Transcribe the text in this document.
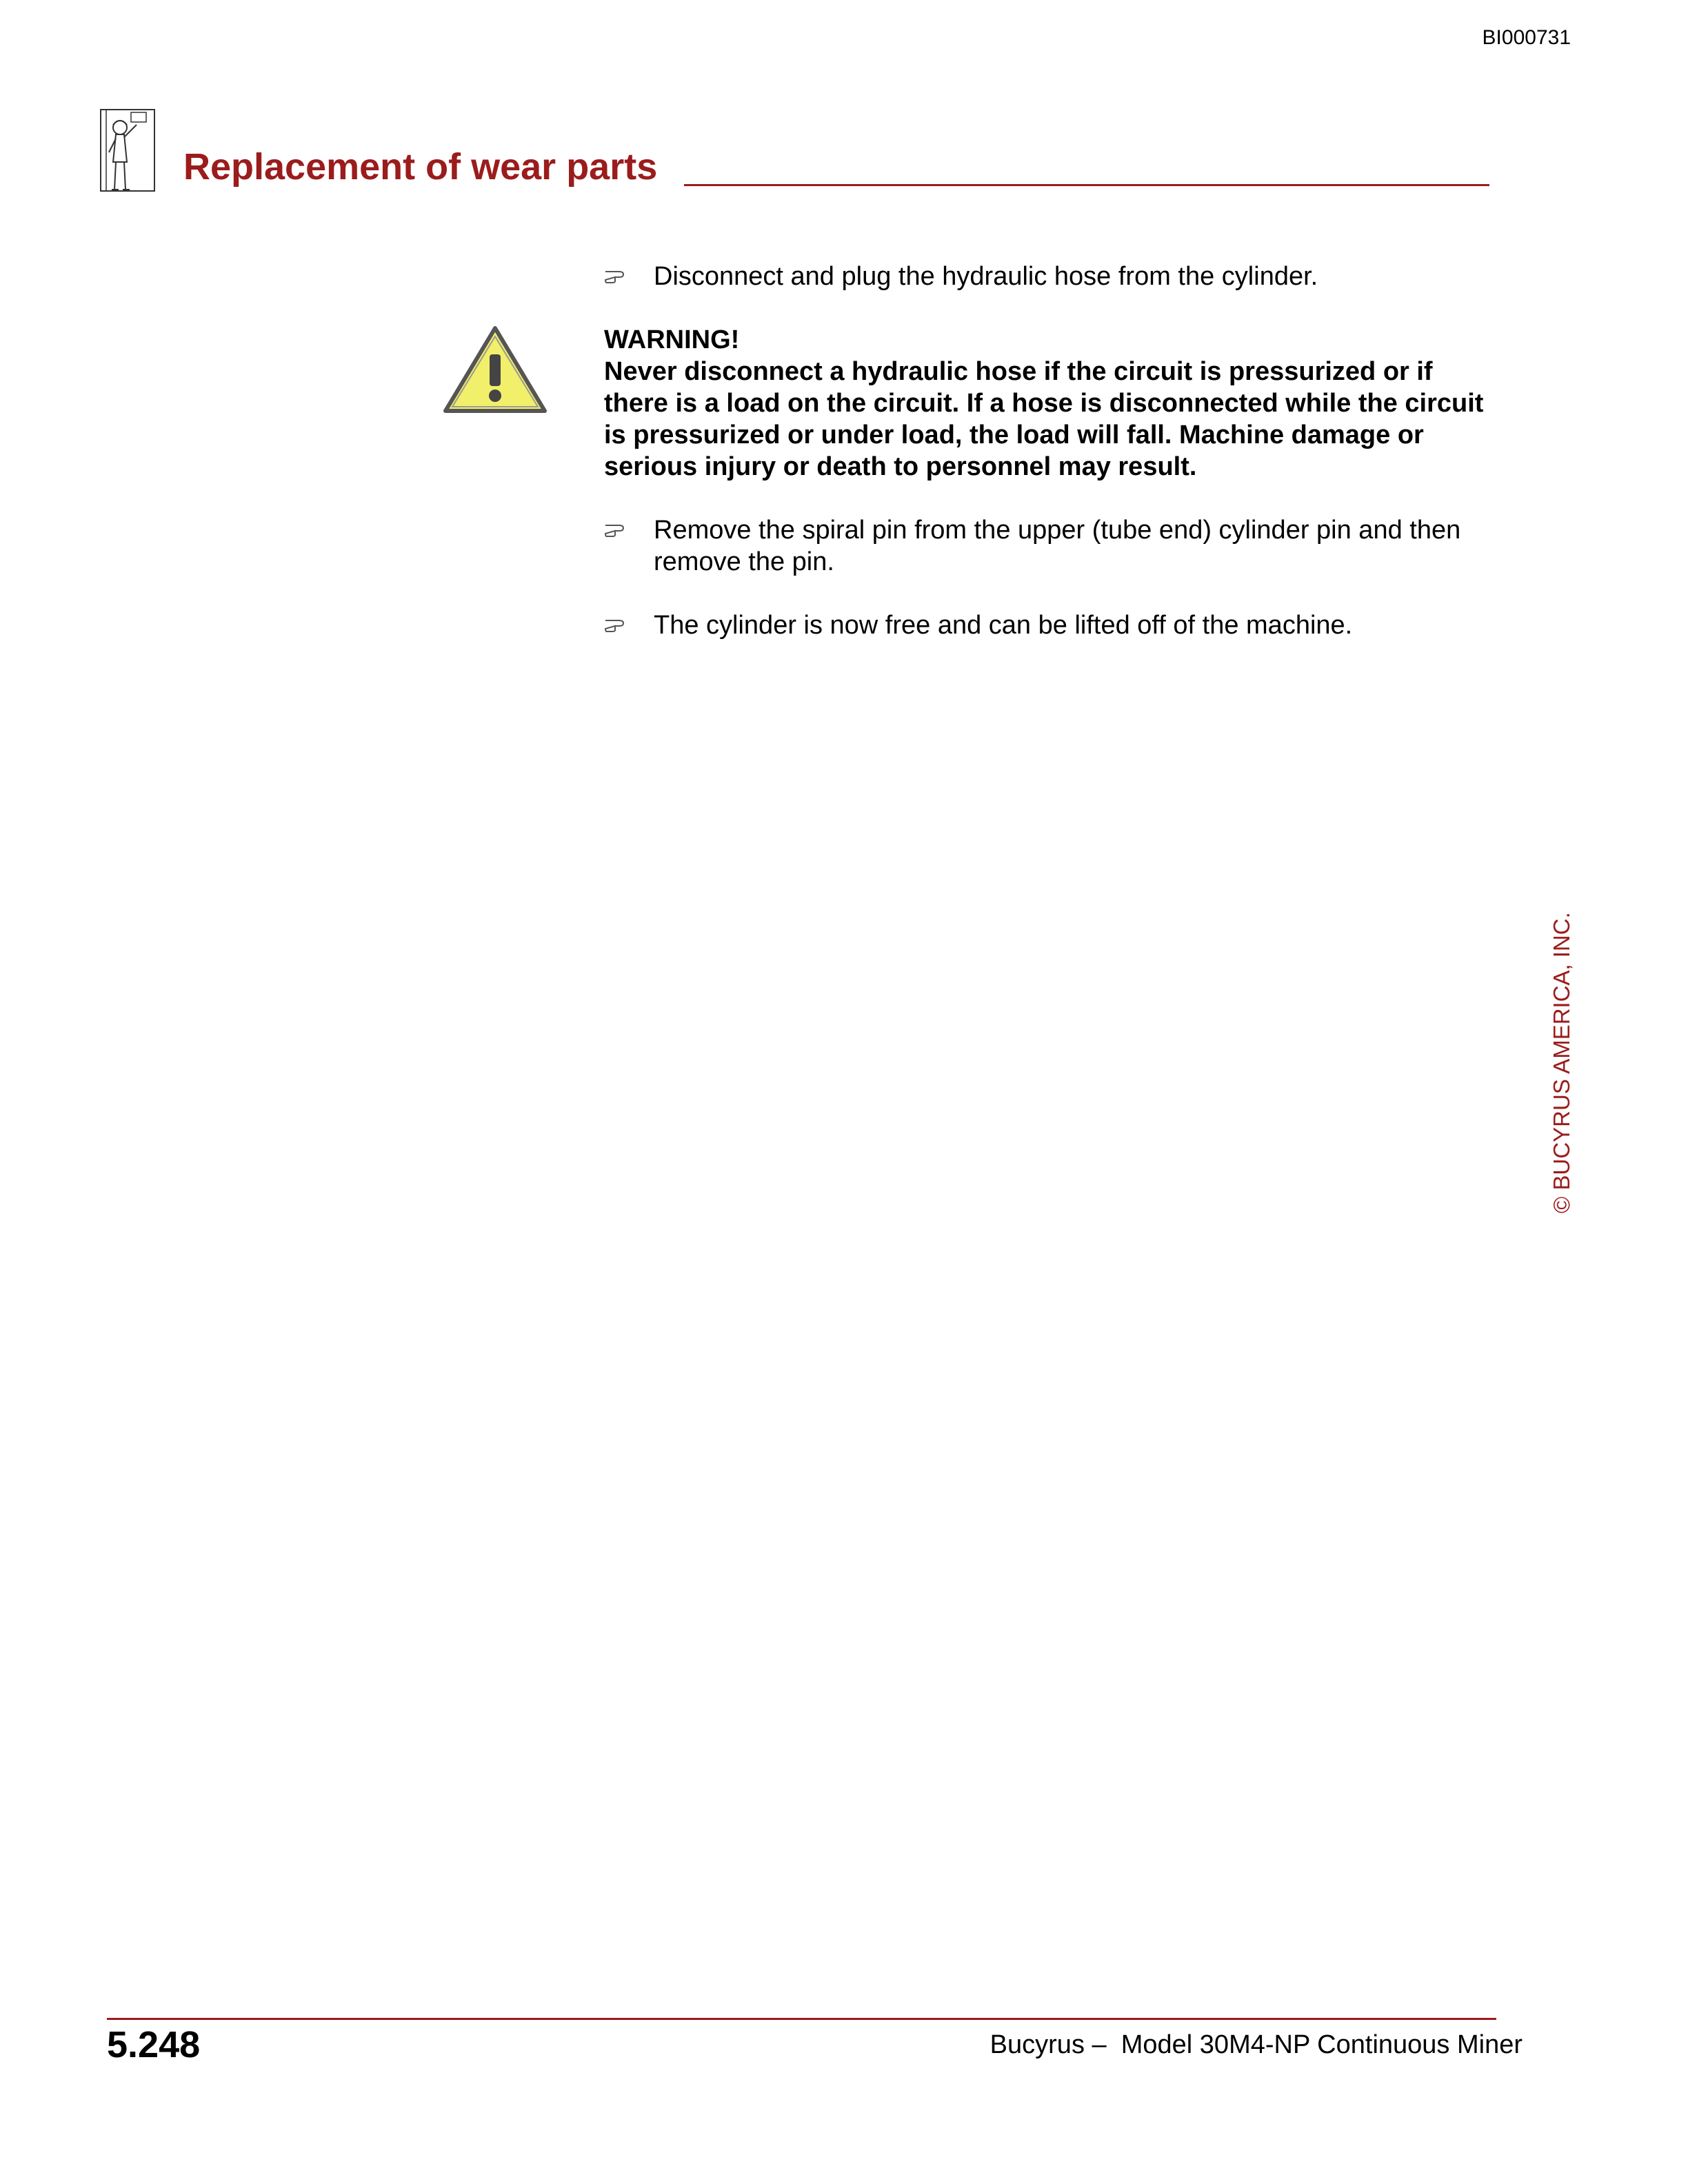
BI000731
Replacement of wear parts
Disconnect and plug the hydraulic hose from the cylinder.

WARNING!

Never disconnect a hydraulic hose if the circuit is pressurized or if there is a load on the circuit. If a hose is disconnected while the circuit is pressurized or under load, the load will fall. Machine damage or serious injury or death to personnel may result.

Remove the spiral pin from the upper (tube end) cylinder pin and then remove the pin.
The cylinder is now free and can be lifted off of the machine.
© BUCYRUS AMERICA, INC.
5.248	Bucyrus –  Model 30M4-NP Continuous Miner
